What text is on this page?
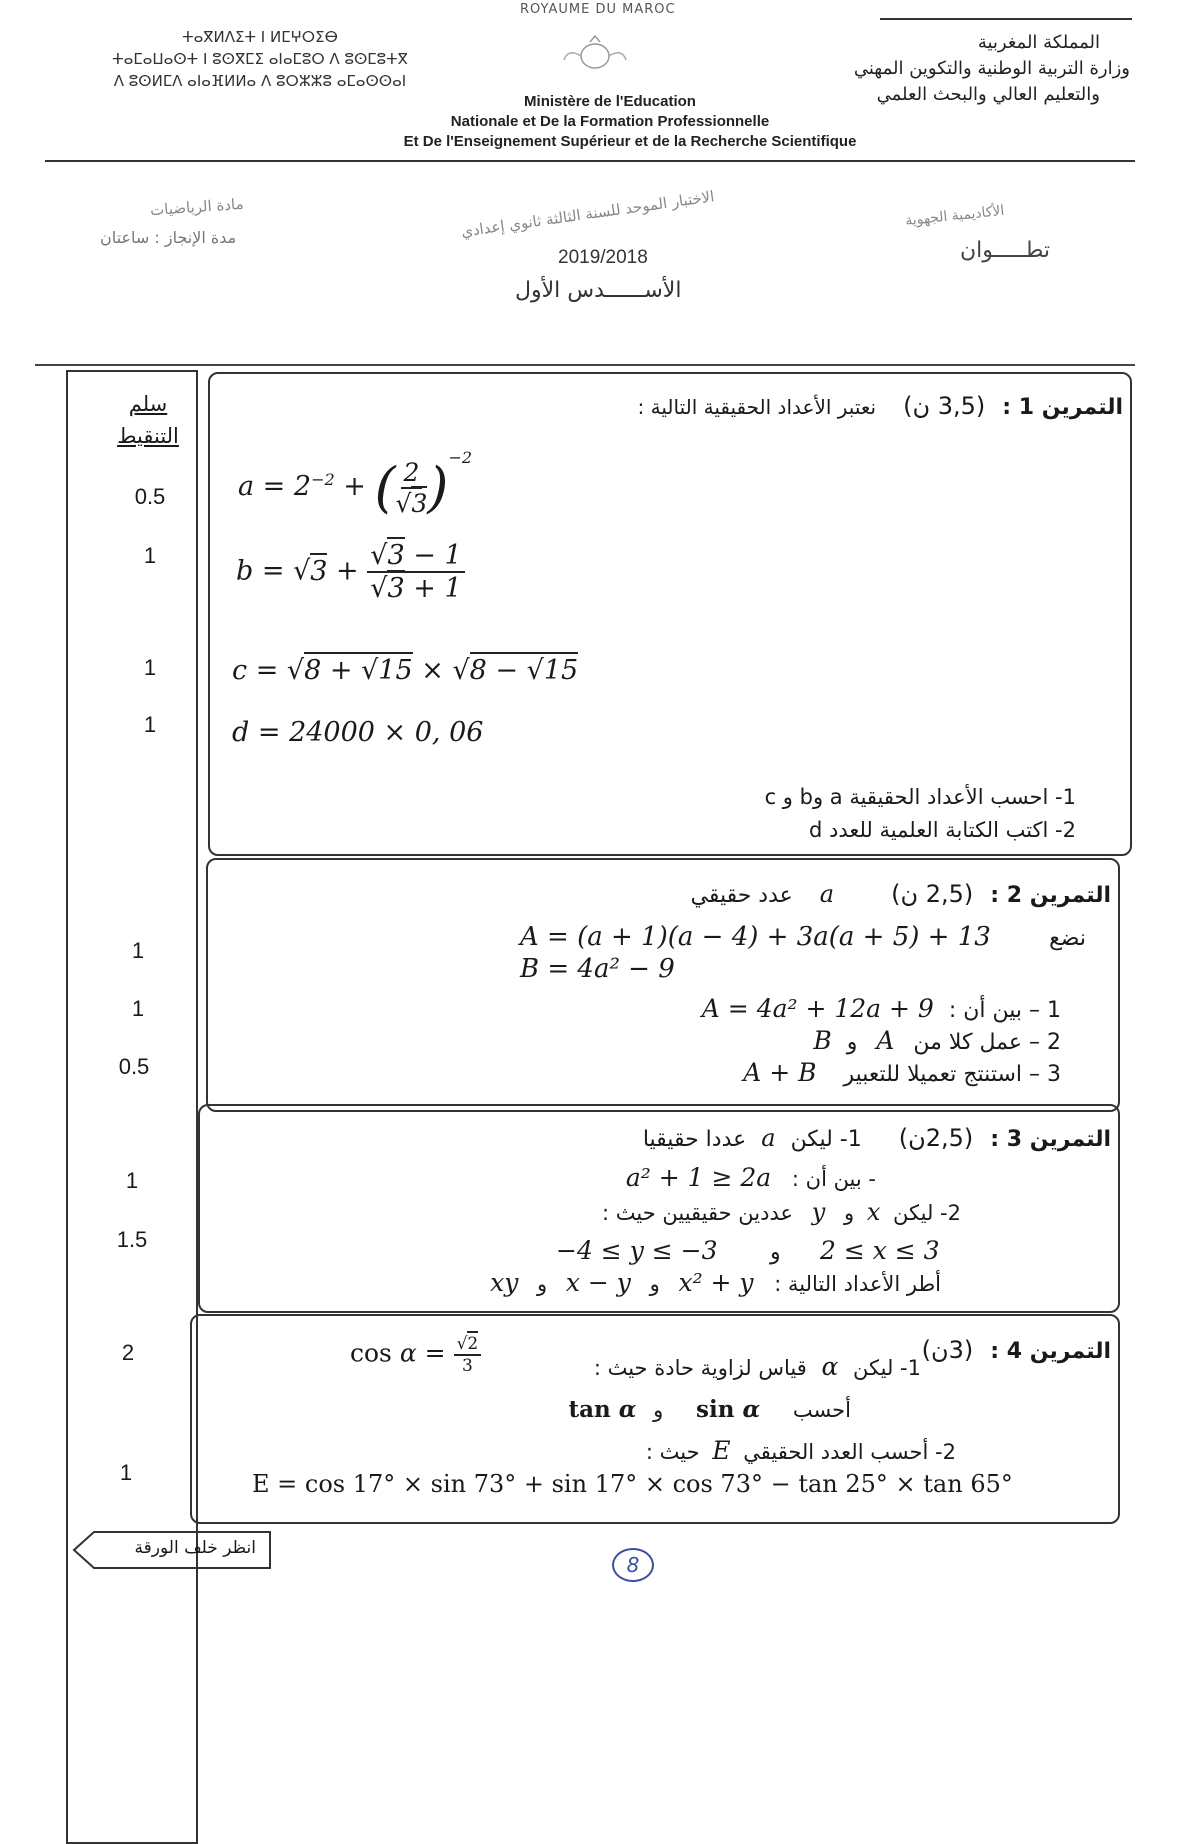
ROYAUME DU MAROC
ⵜⴰⴳⵍⴷⵉⵜ ⵏ ⵍⵎⵖⵔⵉⴱ
ⵜⴰⵎⴰⵡⴰⵙⵜ ⵏ ⵓⵙⴳⵎⵉ ⴰⵏⴰⵎⵓⵔ ⴷ ⵓⵙⵎⵓⵜⴳ
ⴷ ⵓⵙⵍⵎⴷ ⴰⵏⴰⴼⵍⵍⴰ ⴷ ⵓⵔⵣⵣⵓ ⴰⵎⴰⵙⵙⴰⵏ
Ministère de l'Education
Nationale et De la Formation Professionnelle
Et De l'Enseignement Supérieur et de la Recherche Scientifique
المملكة المغربية
وزارة التربية الوطنية والتكوين المهني
والتعليم العالي والبحث العلمي
مادة الرياضيات
مدة الإنجاز : ساعتان	الاختبار الموحد للسنة الثالثة ثانوي إعدادي
2019/2018
الأســــــدس الأول
الأكاديمية الجهوية
تطـــــوان
سلم
التنقيط
0.5
1
1
1
1
1
0.5
1
1.5
2
1
التمرين 1 : (3,5 ن) نعتبر الأعداد الحقيقية التالية :
$a = 2^{-2}$ + ( $\frac{2}{√3} )^{-2}$
$b = √3 + \frac{√3 - 1}{√3 + 1}$
c = √8 + √15 × √8 − √15
d = 24000 × 0, 06
1- احسب الأعداد الحقيقية a وb و c
2- اكتب الكتابة العلمية للعدد d
التمرين 2 : (2,5 ن) a عدد حقيقي
نضع
A = (a + 1)(a − 4) + 3a(a + 5) + 13
B = 4a² − 9
1 – بين أن : A = 4a² + 12a + 9
2 – عمل كلا من A و B
3 – استنتج تعميلا للتعبير A + B
التمرين 3 : (2,5ن) 1- ليكن a عددا حقيقيا
- بين أن : a² + 1 ≥ 2a
2- ليكن x و y عددين حقيقيين حيث :
−4 ≤ y ≤ −3 و 2 ≤ x ≤ 3
أطر الأعداد التالية : x² + y و x − y و xy
التمرين 4 : (3ن)
1- ليكن α قياس لزاوية حادة حيث :
$\cos \alpha = \frac{√2}{3}$
أحسب sin α و tan α
2- أحسب العدد الحقيقي E حيث :
E = cos 17° × sin 73° + sin 17° × cos 73° − tan 25° × tan 65°
انظر خلف الورقة
8
